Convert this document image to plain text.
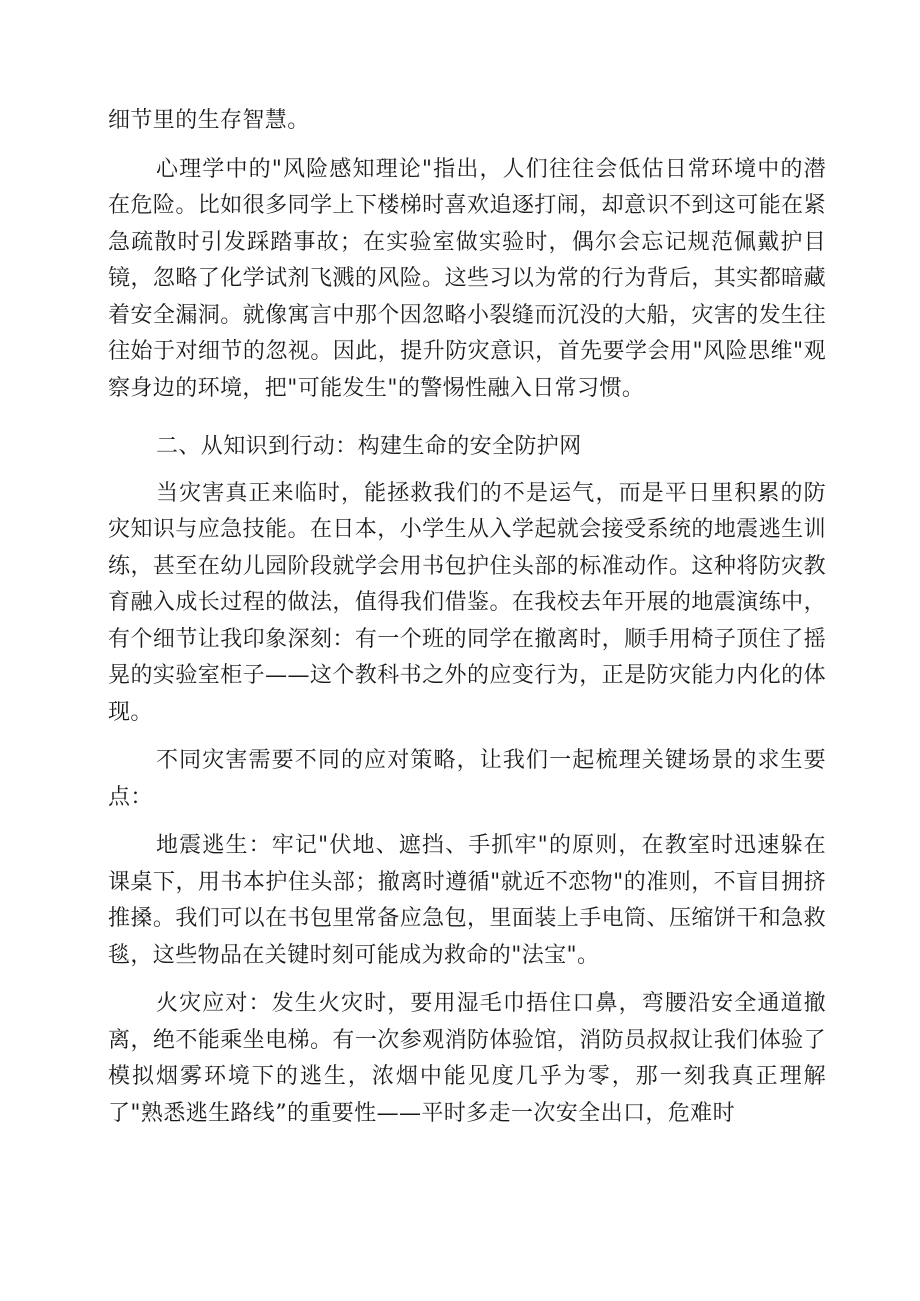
细节里的生存智慧。

心理学中的"风险感知理论"指出，人们往往会低估日常环境中的潜在危险。比如很多同学上下楼梯时喜欢追逐打闹，却意识不到这可能在紧急疏散时引发踩踏事故；在实验室做实验时，偶尔会忘记规范佩戴护目镜，忽略了化学试剂飞溅的风险。这些习以为常的行为背后，其实都暗藏着安全漏洞。就像寓言中那个因忽略小裂缝而沉没的大船，灾害的发生往往始于对细节的忽视。因此，提升防灾意识，首先要学会用"风险思维"观察身边的环境，把"可能发生"的警惕性融入日常习惯。

二、从知识到行动：构建生命的安全防护网

当灾害真正来临时，能拯救我们的不是运气，而是平日里积累的防灾知识与应急技能。在日本，小学生从入学起就会接受系统的地震逃生训练，甚至在幼儿园阶段就学会用书包护住头部的标准动作。这种将防灾教育融入成长过程的做法，值得我们借鉴。在我校去年开展的地震演练中，有个细节让我印象深刻：有一个班的同学在撤离时，顺手用椅子顶住了摇晃的实验室柜子——这个教科书之外的应变行为，正是防灾能力内化的体现。

不同灾害需要不同的应对策略，让我们一起梳理关键场景的求生要点：

地震逃生：牢记"伏地、遮挡、手抓牢"的原则，在教室时迅速躲在课桌下，用书本护住头部；撤离时遵循"就近不恋物"的准则，不盲目拥挤推搡。我们可以在书包里常备应急包，里面装上手电筒、压缩饼干和急救毯，这些物品在关键时刻可能成为救命的"法宝"。

火灾应对：发生火灾时，要用湿毛巾捂住口鼻，弯腰沿安全通道撤离，绝不能乘坐电梯。有一次参观消防体验馆，消防员叔叔让我们体验了模拟烟雾环境下的逃生，浓烟中能见度几乎为零，那一刻我真正理解了"熟悉逃生路线”的重要性——平时多走一次安全出口，危难时
